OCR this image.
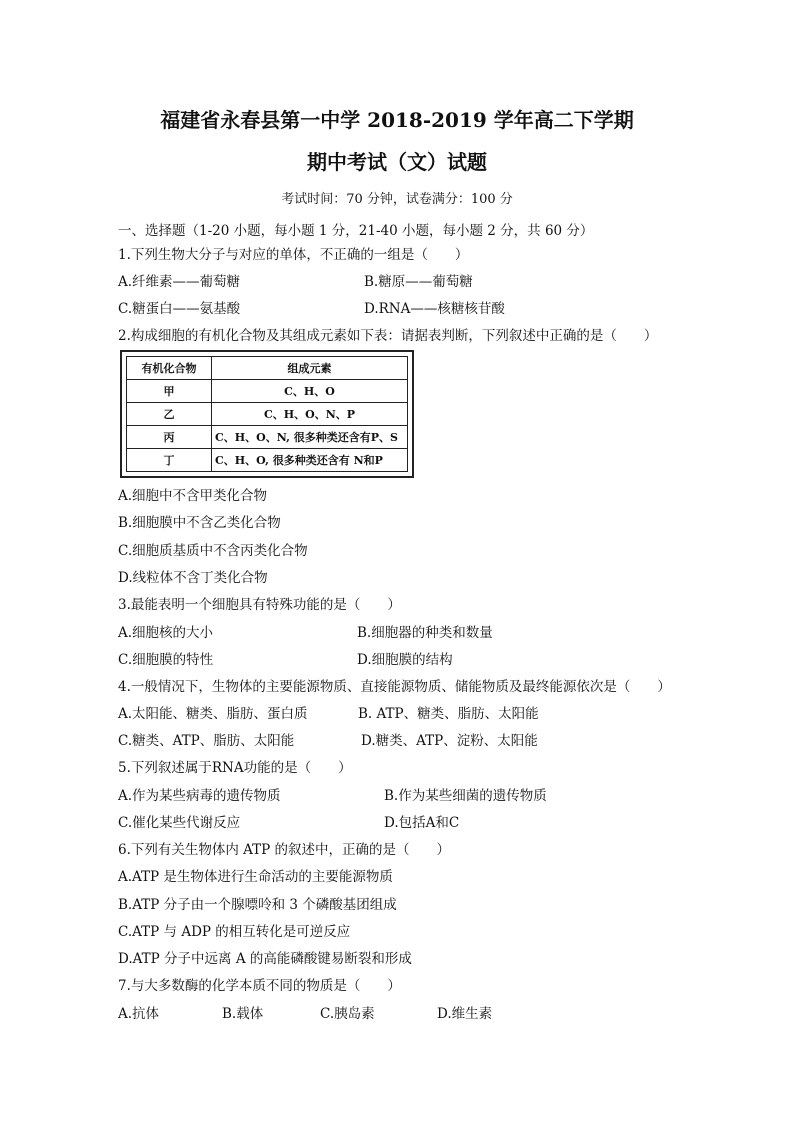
福建省永春县第一中学 2018-2019 学年高二下学期
期中考试（文）试题
考试时间：70 分钟，试卷满分：100 分
一、选择题（1-20 小题，每小题 1 分，21-40 小题，每小题 2 分，共 60 分）
1.下列生物大分子与对应的单体，不正确的一组是（　　）
A.纤维素——葡萄糖	B.糖原——葡萄糖
C.糖蛋白——氨基酸	D.RNA——核糖核苷酸
2.构成细胞的有机化合物及其组成元素如下表：请据表判断，下列叙述中正确的是（　　）
有机化合物	组成元素
甲	C、H、O
乙	C、H、O、N、P
丙	C、H、O、N, 很多种类还含有P、S
丁	C、H、O, 很多种类还含有 N和P
A.细胞中不含甲类化合物
B.细胞膜中不含乙类化合物
C.细胞质基质中不含丙类化合物
D.线粒体不含丁类化合物
3.最能表明一个细胞具有特殊功能的是（　　）
A.细胞核的大小	B.细胞器的种类和数量
C.细胞膜的特性	D.细胞膜的结构
4.一般情况下，生物体的主要能源物质、直接能源物质、储能物质及最终能源依次是（　　）
A.太阳能、糖类、脂肪、蛋白质	B. ATP、糖类、脂肪、太阳能
C.糖类、ATP、脂肪、太阳能	D.糖类、ATP、淀粉、太阳能
5.下列叙述属于RNA功能的是（　　）
A.作为某些病毒的遗传物质	B.作为某些细菌的遗传物质
C.催化某些代谢反应	D.包括A和C
6.下列有关生物体内 ATP 的叙述中，正确的是（　　）
A.ATP 是生物体进行生命活动的主要能源物质
B.ATP 分子由一个腺嘌呤和 3 个磷酸基团组成
C.ATP 与 ADP 的相互转化是可逆反应
D.ATP 分子中远离 A 的高能磷酸键易断裂和形成
7.与大多数酶的化学本质不同的物质是（　　）
A.抗体	B.载体	C.胰岛素	D.维生素
